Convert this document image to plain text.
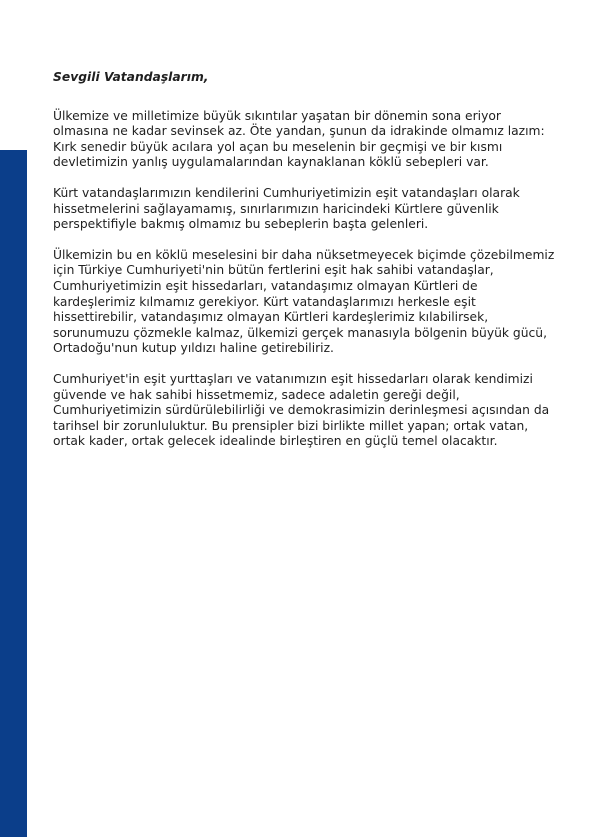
Sevgili Vatandaşlarım,

Ülkemize ve milletimize büyük sıkıntılar yaşatan bir dönemin sona eriyor
olmasına ne kadar sevinsek az. Öte yandan, şunun da idrakinde olmamız lazım:
Kırk senedir büyük acılara yol açan bu meselenin bir geçmişi ve bir kısmı
devletimizin yanlış uygulamalarından kaynaklanan köklü sebepleri var.

Kürt vatandaşlarımızın kendilerini Cumhuriyetimizin eşit vatandaşları olarak
hissetmelerini sağlayamamış, sınırlarımızın haricindeki Kürtlere güvenlik
perspektifiyle bakmış olmamız bu sebeplerin başta gelenleri.

Ülkemizin bu en köklü meselesini bir daha nüksetmeyecek biçimde çözebilmemiz
için Türkiye Cumhuriyeti'nin bütün fertlerini eşit hak sahibi vatandaşlar,
Cumhuriyetimizin eşit hissedarları, vatandaşımız olmayan Kürtleri de
kardeşlerimiz kılmamız gerekiyor. Kürt vatandaşlarımızı herkesle eşit
hissettirebilir, vatandaşımız olmayan Kürtleri kardeşlerimiz kılabilirsek,
sorunumuzu çözmekle kalmaz, ülkemizi gerçek manasıyla bölgenin büyük gücü,
Ortadoğu'nun kutup yıldızı haline getirebiliriz.

Cumhuriyet'in eşit yurttaşları ve vatanımızın eşit hissedarları olarak kendimizi
güvende ve hak sahibi hissetmemiz, sadece adaletin gereği değil,
Cumhuriyetimizin sürdürülebilirliği ve demokrasimizin derinleşmesi açısından da
tarihsel bir zorunluluktur. Bu prensipler bizi birlikte millet yapan; ortak vatan,
ortak kader, ortak gelecek idealinde birleştiren en güçlü temel olacaktır.
